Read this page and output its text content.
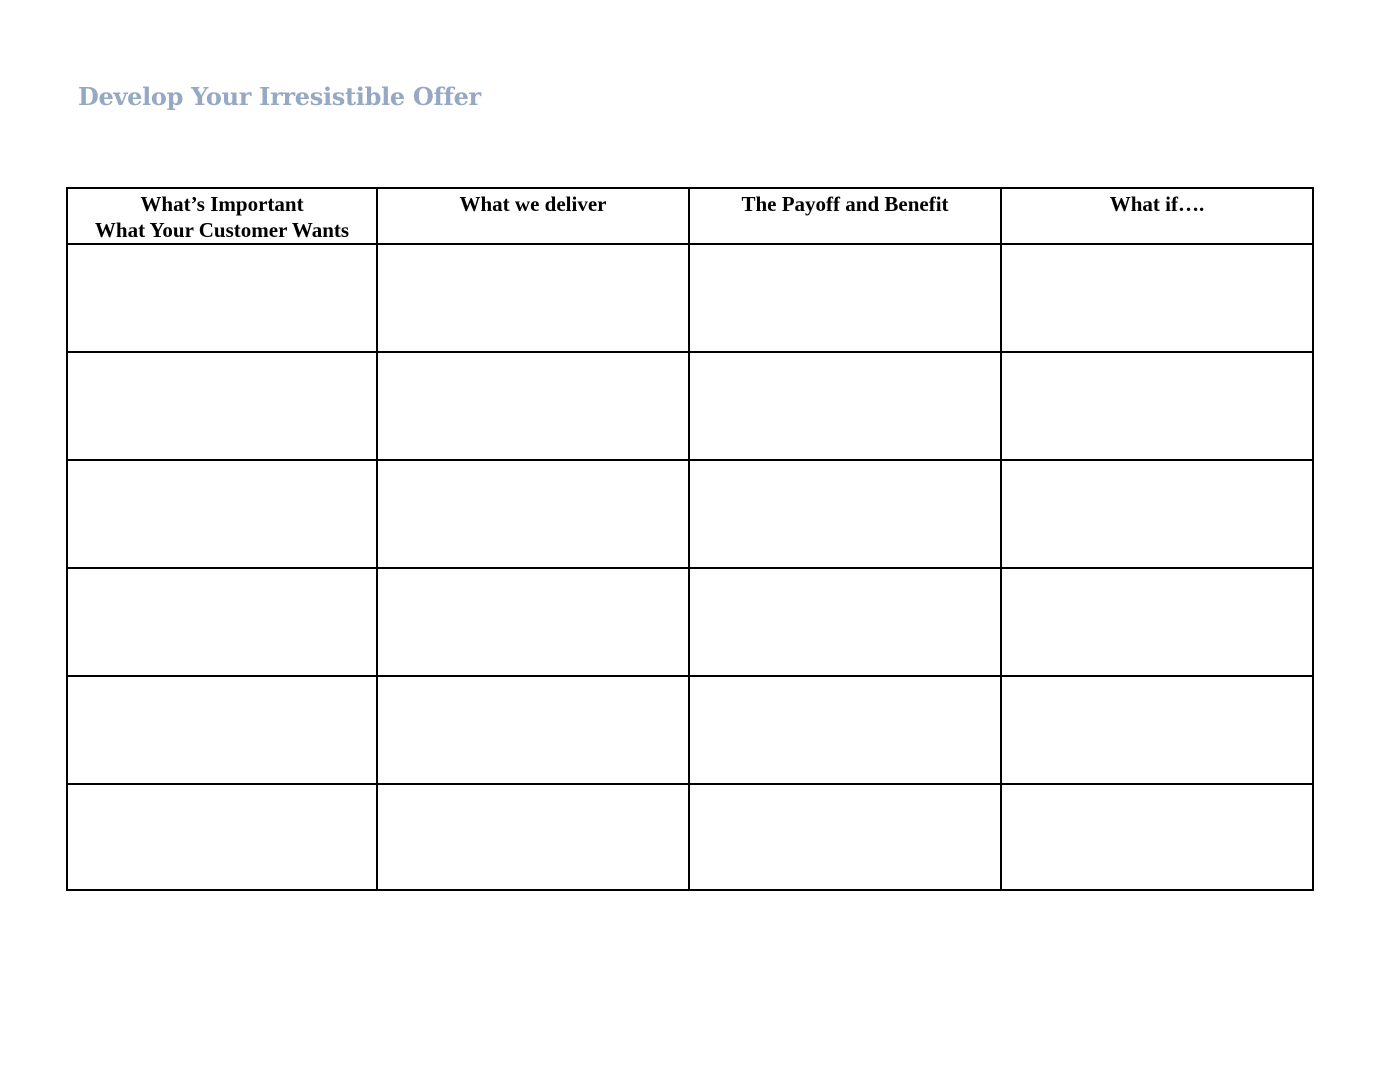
Develop Your Irresistible Offer
What’s Important
What Your Customer Wants	What we deliver	The Payoff and Benefit	What if….
